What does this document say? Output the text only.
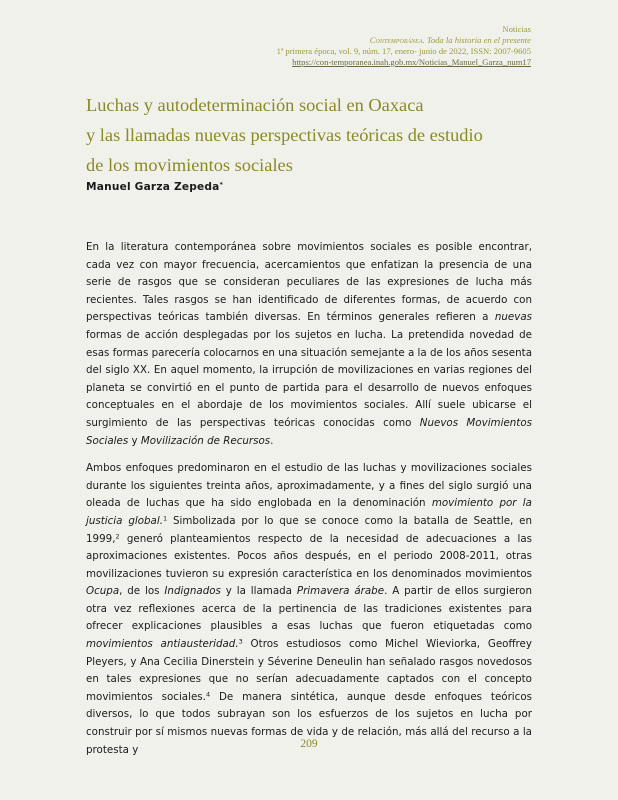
Noticias
Contemporánea. Toda la historia en el presente
1ª primera época, vol. 9, núm. 17, enero- junio de 2022, ISSN: 2007-9605
https://con-temporanea.inah.gob.mx/Noticias_Manuel_Garza_num17
Luchas y autodeterminación social en Oaxaca
y las llamadas nuevas perspectivas teóricas de estudio
de los movimientos sociales
Manuel Garza Zepeda*

En la literatura contemporánea sobre movimientos sociales es posible encontrar, cada vez con mayor frecuencia, acercamientos que enfatizan la presencia de una serie de rasgos que se consideran peculiares de las expresiones de lucha más recientes. Tales rasgos se han identificado de diferentes formas, de acuerdo con perspectivas teóricas también diversas. En términos generales refieren a nuevas formas de acción desplegadas por los sujetos en lucha. La pretendida novedad de esas formas parecería colocarnos en una situación semejante a la de los años sesenta del siglo XX. En aquel momento, la irrupción de movilizaciones en varias regiones del planeta se convirtió en el punto de partida para el desarrollo de nuevos enfoques conceptuales en el abordaje de los movimientos sociales. Allí suele ubicarse el surgimiento de las perspectivas teóricas conocidas como Nuevos Movimientos Sociales y Movilización de Recursos.

Ambos enfoques predominaron en el estudio de las luchas y movilizaciones sociales durante los siguientes treinta años, aproximadamente, y a fines del siglo surgió una oleada de luchas que ha sido englobada en la denominación movimiento por la justicia global.$^1$ Simbolizada por lo que se conoce como la batalla de Seattle, en 1999,$^2$ generó planteamientos respecto de la necesidad de adecuaciones a las aproximaciones existentes. Pocos años después, en el periodo 2008-2011, otras movilizaciones tuvieron su expresión característica en los denominados movimientos Ocupa, de los Indignados y la llamada Primavera árabe. A partir de ellos surgieron otra vez reflexiones acerca de la pertinencia de las tradiciones existentes para ofrecer explicaciones plausibles a esas luchas que fueron etiquetadas como movimientos antiausteridad.$^3$ Otros estudiosos como Michel Wieviorka, Geoffrey Pleyers, y Ana Cecilia Dinerstein y Séverine Deneulin han señalado rasgos novedosos en tales expresiones que no serían adecuadamente captados con el concepto movimientos sociales.$^4$ De manera sintética, aunque desde enfoques teóricos diversos, lo que todos subrayan son los esfuerzos de los sujetos en lucha por construir por sí mismos nuevas formas de vida y de relación, más allá del recurso a la protesta y	209
